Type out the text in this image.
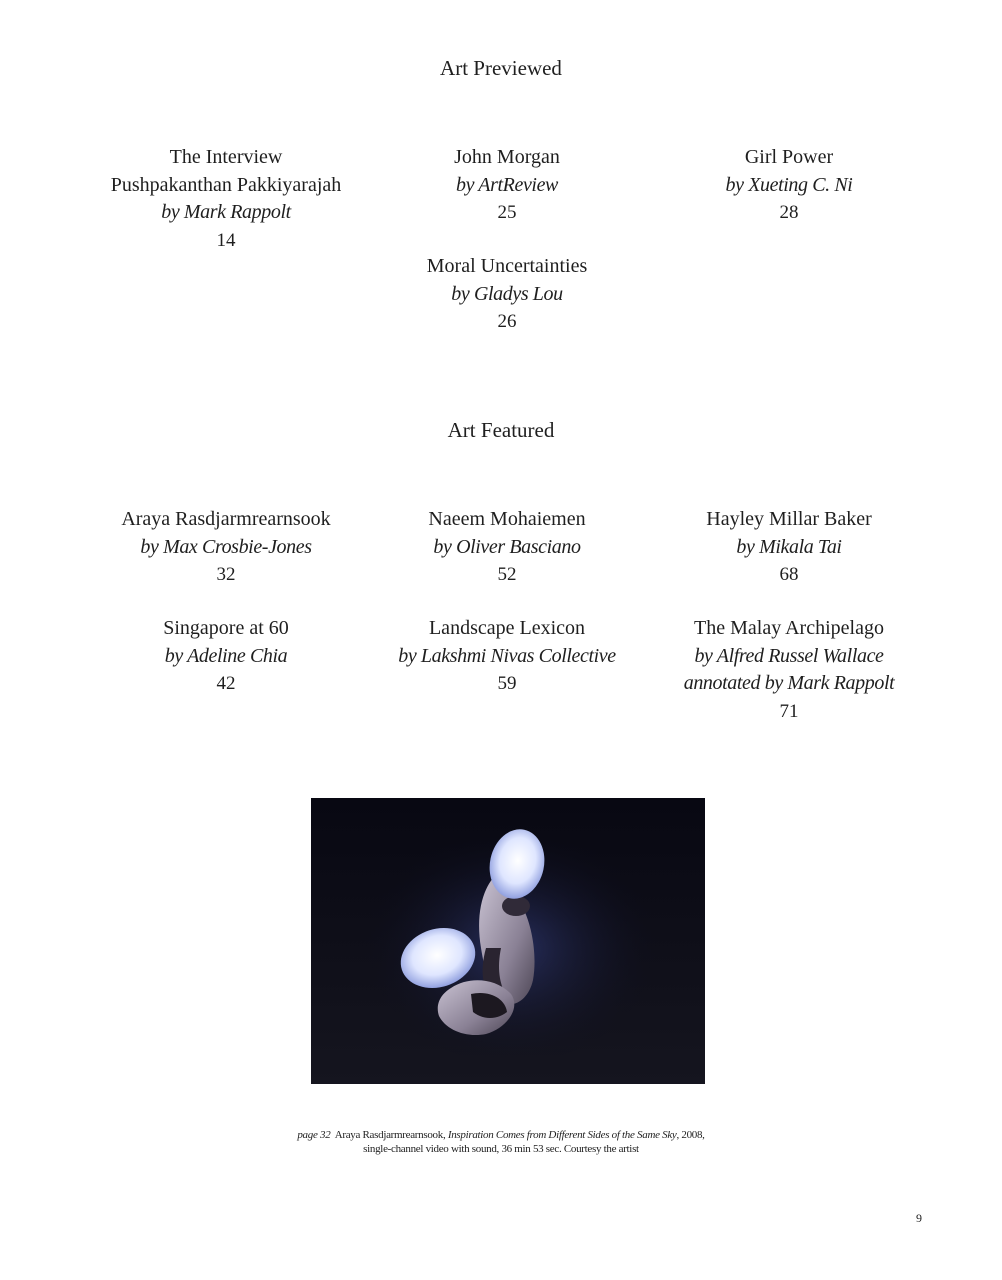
Art Previewed
The Interview
Pushpakanthan Pakkiyarajah
by Mark Rappolt
14
John Morgan
by ArtReview
25
Girl Power
by Xueting C. Ni
28
Moral Uncertainties
by Gladys Lou
26
Art Featured
Araya Rasdjarmrearnsook
by Max Crosbie-Jones
32
Naeem Mohaiemen
by Oliver Basciano
52
Hayley Millar Baker
by Mikala Tai
68
Singapore at 60
by Adeline Chia
42
Landscape Lexicon
by Lakshmi Nivas Collective
59
The Malay Archipelago
by Alfred Russel Wallace
annotated by Mark Rappolt
71
page 32 Araya Rasdjarmrearnsook, Inspiration Comes from Different Sides of the Same Sky, 2008,
single-channel video with sound, 36 min 53 sec. Courtesy the artist
9
